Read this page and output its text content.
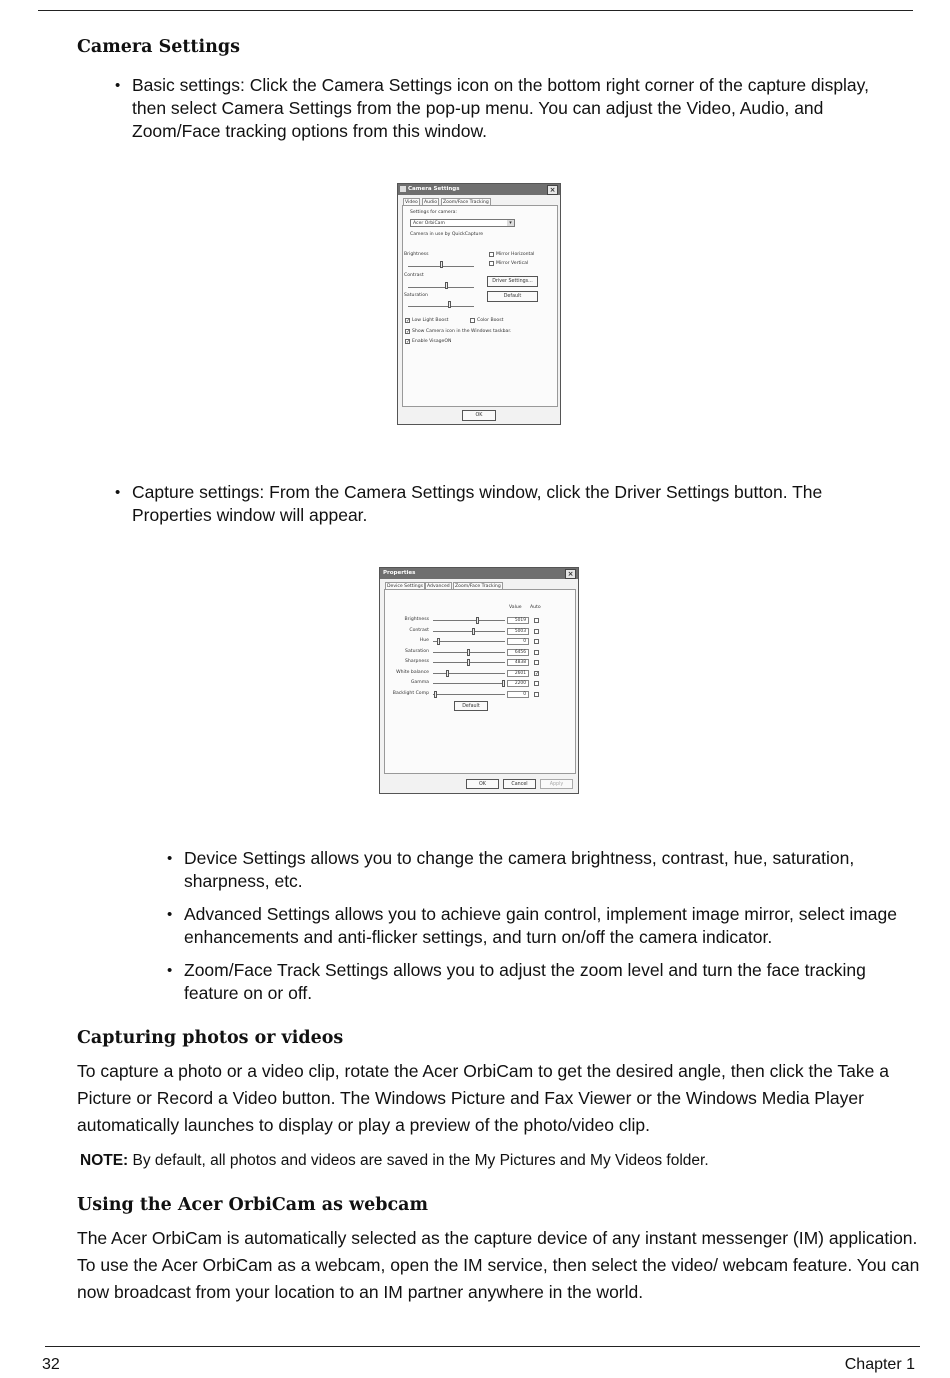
Camera Settings
• Basic settings: Click the Camera Settings icon on the bottom right corner of the capture display, then select Camera Settings from the pop-up menu. You can adjust the Video, Audio, and Zoom/Face tracking options from this window.
Camera Settings	×
Video	Audio	Zoom/Face Tracking
Settings for camera:
Acer OrbiCam	▾
Camera in use by QuickCapture
Brightness
Contrast
Saturation
Mirror Horizontal
Mirror Vertical
Driver Settings...
Default
✓ Low Light Boost	Color Boost
✓ Show Camera icon in the Windows taskbar.
✓ Enable VisageON
OK
• Capture settings: From the Camera Settings window, click the Driver Settings button. The Properties window will appear.
Properties	×
Device Settings Advanced	Zoom/Face Tracking
Value Auto
Brightness	5019
Contrast	5003
Hue	0
Saturation	6456
Sharpness	4838
White balance	2601	✓
Gamma	2200
Backlight Comp	0
Default
OK	Cancel	Apply
• Device Settings allows you to change the camera brightness, contrast, hue, saturation, sharpness, etc.
• Advanced Settings allows you to achieve gain control, implement image mirror, select image enhancements and anti-flicker settings, and turn on/off the camera indicator.
• Zoom/Face Track Settings allows you to adjust the zoom level and turn the face tracking feature on or off.
Capturing photos or videos
To capture a photo or a video clip, rotate the Acer OrbiCam to get the desired angle, then click the Take a Picture or Record a Video button. The Windows Picture and Fax Viewer or the Windows Media Player automatically launches to display or play a preview of the photo/video clip.
NOTE: By default, all photos and videos are saved in the My Pictures and My Videos folder.
Using the Acer OrbiCam as webcam
The Acer OrbiCam is automatically selected as the capture device of any instant messenger (IM) application. To use the Acer OrbiCam as a webcam, open the IM service, then select the video/ webcam feature. You can now broadcast from your location to an IM partner anywhere in the world.
32	Chapter 1
